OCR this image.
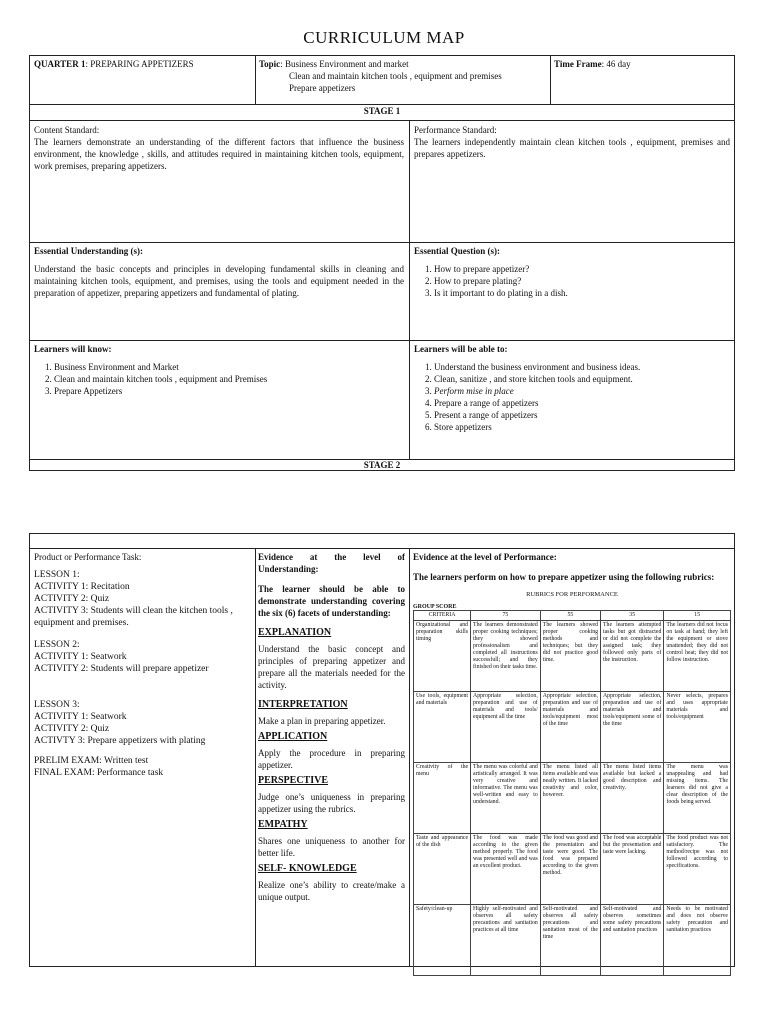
CURRICULUM MAP
QUARTER 1: PREPARING APPETIZERS	Topic: Business Environment and market
Clean and maintain kitchen tools , equipment and premises
Prepare appetizers
Time Frame: 46 day
STAGE 1
Content Standard:
The learners demonstrate an understanding of the different factors that influence the business environment, the knowledge , skills, and attitudes required in maintaining kitchen tools, equipment, work premises, preparing appetizers.
Performance Standard:
The learners independently maintain clean kitchen tools , equipment, premises and prepares appetizers.
Essential Understanding (s):
Understand the basic concepts and principles in developing fundamental skills in cleaning and maintaining kitchen tools, equipment, and premises, using the tools and equipment needed in the preparation of appetizer, preparing appetizers and fundamental of plating.
Essential Question (s):
1. How to prepare appetizer?
2. How to prepare plating?
3. Is it important to do plating in a dish.
Learners will know:
1. Business Environment and Market
2. Clean and maintain kitchen tools , equipment and Premises
3. Prepare Appetizers
Learners will be able to:
1. Understand the business environment and business ideas.
2. Clean, sanitize , and store kitchen tools and equipment.
3. Perform mise in place
4. Prepare a range of appetizers
5. Present a range of appetizers
6. Store appetizers
STAGE 2
Product or Performance Task:
LESSON 1:
ACTIVITY 1: Recitation
ACTIVITY 2: Quiz
ACTIVITY 3: Students will clean the kitchen tools , equipment and premises.
LESSON 2:
ACTIVITY 1: Seatwork
ACTIVITY 2: Students will prepare appetizer
LESSON 3:
ACTIVITY 1: Seatwork
ACTIVITY 2: Quiz
ACTIVTY 3: Prepare appetizers with plating
PRELIM EXAM: Written test
FINAL EXAM: Performance task
Evidence at the level of Understanding:
The learner should be able to demonstrate understanding covering the six (6) facets of understanding:
EXPLANATION
Understand the basic concept and principles of preparing appetizer and prepare all the materials needed for the activity.
INTERPRETATION
Make a plan in preparing appetizer.
APPLICATION
Apply the procedure in preparing appetizer.
PERSPECTIVE
Judge one’s uniqueness in preparing appetizer using the rubrics.
EMPATHY
Shares one uniqueness to another for better life.
SELF- KNOWLEDGE
Realize one’s ability to create/make a unique output.
Evidence at the level of Performance:
The learners perform on how to prepare appetizer using the following rubrics:
RUBRICS FOR PERFORMANCE
GROUP SCORE
CRITERIA	75	55	35	15
Organizational and preparation skills timing	The learners demonstrated proper cooking techniques; they showed professionalism and completed all instructions successfull; and they finished on their tasks time.	The learners showed proper cooking methods and techniques; but they did not practice good time.	The learners attempted tasks but got distracted or did not complete the assigned task; they followed only parts of the instruction.	The learners did not focus on task at hand; they left the equipment or stove unattended; they did not control heat; they did not follow instruction.
Use tools, equipment and materials	Appropriate selection, preparation and use of materials and tools/ equipment all the time	Appropriate selection, preparation and use of materials and tools/equipment most of the time	Appropriate selection, preparation and use of materials and tools/equipment some of the time	Never selects, prepares and uses appropriate materials and tools/equipment
Creativity of the menu	The menu was colorful and artistically arranged. It was very creative and informative. The menu was well-written and easy to understand.	The menu listed all items available and was neatly written. It lacked creativity and color, however.	The menu listed items available but lacked a good description and creativity.	The menu was unappealing and had missing items. The learners did not give a clear description of the foods being served.
Taste and appearance of the dish	The food was made according to the given method properly. The food was presented well and was an excellent product.	The food was good and the presentation and taste were good. The food was prepared according to the given method.	The food was acceptable but the presentation and taste were lacking.	The food product was not satisfactory. The method/recipe was not followed according to specifications.
Safety/clean-up	Highly self-motivated and observes all safety precautions and sanitation practices at all time	Self-motivated and observes all safety precautions and sanitation most of the time	Self-motivated and observes sometimes some safety precautions and sanitation practices	Needs to be motivated and does not observe safety precaution and sanitation practices
